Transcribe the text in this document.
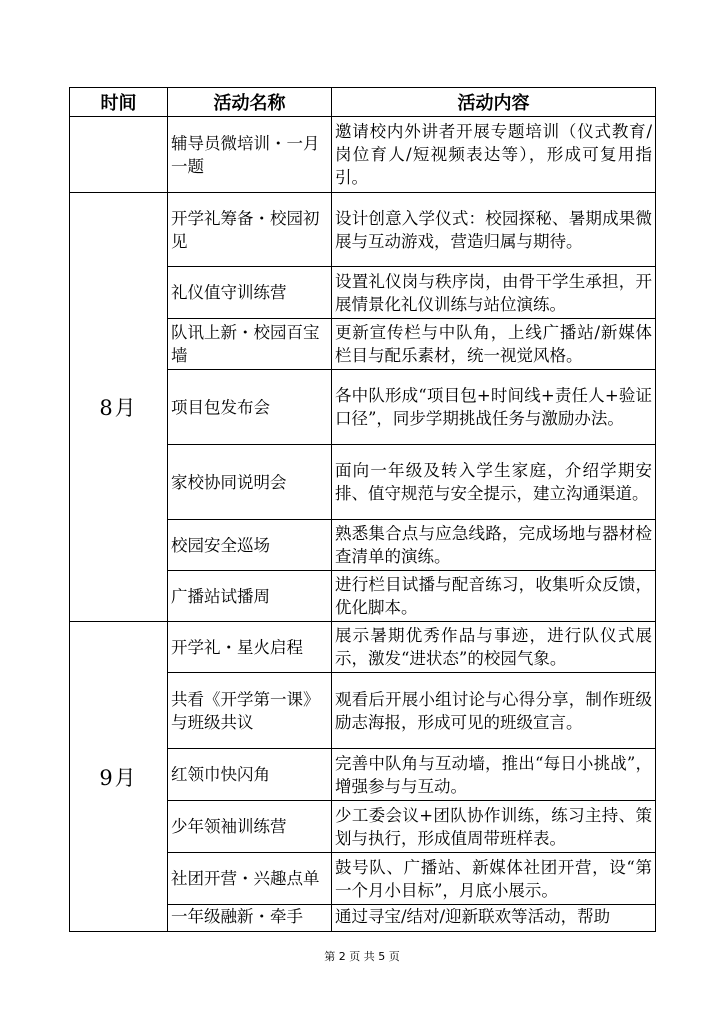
时间	活动名称	活动内容
	辅导员微培训・一月一题	邀请校内外讲者开展专题培训（仪式教育/岗位育人/短视频表达等），形成可复用指引。
8月	开学礼筹备・校园初见	设计创意入学仪式：校园探秘、暑期成果微展与互动游戏，营造归属与期待。
	礼仪值守训练营	设置礼仪岗与秩序岗，由骨干学生承担，开展情景化礼仪训练与站位演练。
	队讯上新・校园百宝墙	更新宣传栏与中队角，上线广播站/新媒体栏目与配乐素材，统一视觉风格。
	项目包发布会	各中队形成“项目包+时间线+责任人+验证口径”，同步学期挑战任务与激励办法。
	家校协同说明会	面向一年级及转入学生家庭，介绍学期安排、值守规范与安全提示，建立沟通渠道。
	校园安全巡场	熟悉集合点与应急线路，完成场地与器材检查清单的演练。
	广播站试播周	进行栏目试播与配音练习，收集听众反馈，优化脚本。
9月	开学礼・星火启程	展示暑期优秀作品与事迹，进行队仪式展示，激发“进状态”的校园气象。
	共看《开学第一课》与班级共议	观看后开展小组讨论与心得分享，制作班级励志海报，形成可见的班级宣言。
	红领巾快闪角	完善中队角与互动墙，推出“每日小挑战”，增强参与与互动。
	少年领袖训练营	少工委会议+团队协作训练，练习主持、策划与执行，形成值周带班样表。
	社团开营・兴趣点单	鼓号队、广播站、新媒体社团开营，设“第一个月小目标”，月底小展示。
	一年级融新・牵手	通过寻宝/结对/迎新联欢等活动，帮助
第 2 页 共 5 页
